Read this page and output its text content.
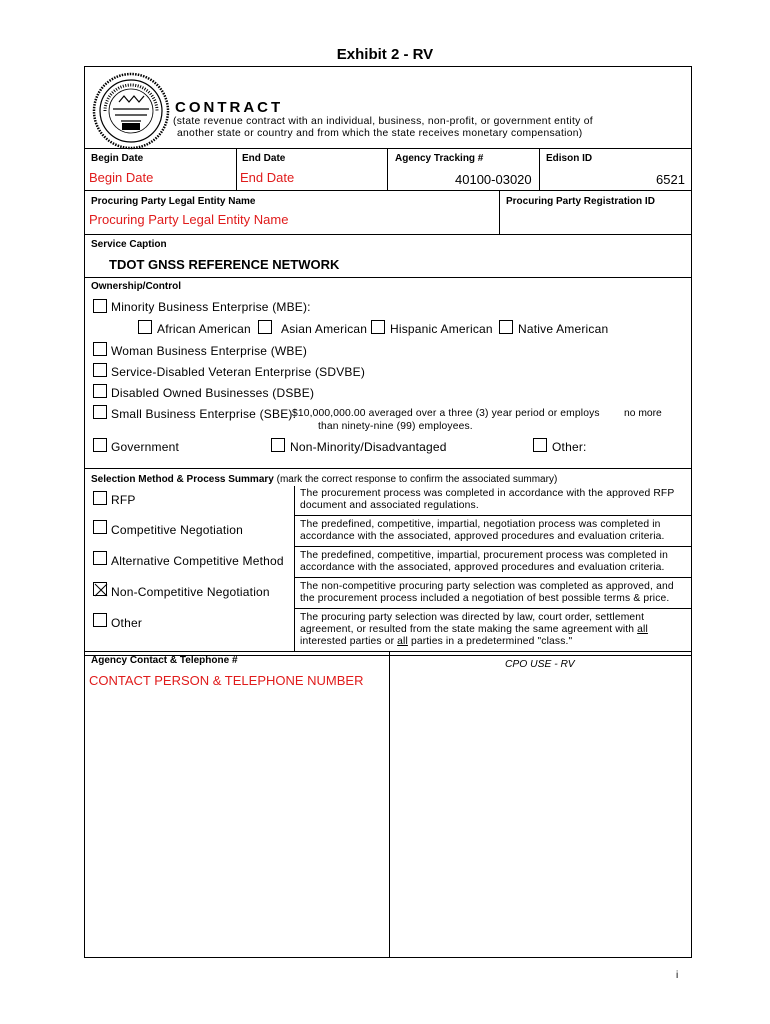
Exhibit 2 - RV
CONTRACT
(state revenue contract with an individual, business, non-profit, or government entity of
another state or country and from which the state receives monetary compensation)
Begin Date
Begin Date
End Date
End Date
Agency Tracking #
40100-03020
Edison ID
6521
Procuring Party Legal Entity Name
Procuring Party Legal Entity Name
Procuring Party Registration ID
Service Caption
TDOT GNSS REFERENCE NETWORK
Ownership/Control
Minority Business Enterprise (MBE):
African American	Asian American Hispanic American Native American
Woman Business Enterprise (WBE)
Service-Disabled Veteran Enterprise (SDVBE)
Disabled Owned Businesses (DSBE)
Small Business Enterprise (SBE):
$10,000,000.00 averaged over a three (3) year period or employs no more
than ninety-nine (99) employees.
Government	Non-Minority/Disadvantaged	Other:
Selection Method & Process Summary (mark the correct response to confirm the associated summary)
RFP	The procurement process was completed in accordance with the approved RFP
document and associated regulations.
Competitive Negotiation	The predefined, competitive, impartial, negotiation process was completed in
accordance with the associated, approved procedures and evaluation criteria.
Alternative Competitive Method The predefined, competitive, impartial, procurement process was completed in
accordance with the associated, approved procedures and evaluation criteria.
Non-Competitive Negotiation	The non-competitive procuring party selection was completed as approved, and
the procurement process included a negotiation of best possible terms & price.
Other	The procuring party selection was directed by law, court order, settlement
agreement, or resulted from the state making the same agreement with all
interested parties or all parties in a predetermined "class."
Agency Contact & Telephone #
CONTACT PERSON & TELEPHONE NUMBER
CPO USE - RV
i
